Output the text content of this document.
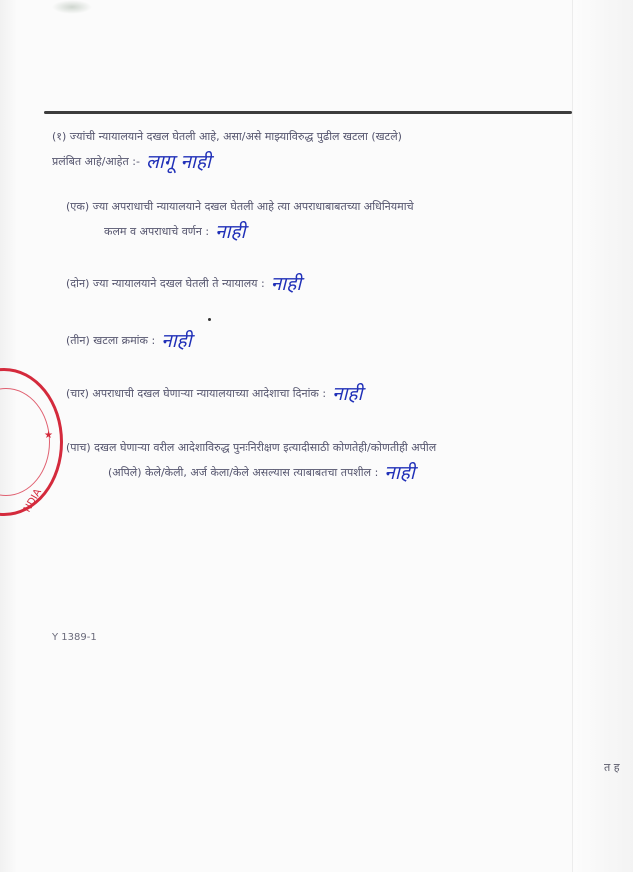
(१) ज्यांची न्यायालयाने दखल घेतली आहे, असा/असे माझ्याविरुद्ध पुढील खटला (खटले)
प्रलंबित आहे/आहेत :- लागू नाही
(एक) ज्या अपराधाची न्यायालयाने दखल घेतली आहे त्या अपराधाबाबतच्या अधिनियमाचे
कलम व अपराधाचे वर्णन : नाही
(दोन) ज्या न्यायालयाने दखल घेतली ते न्यायालय : नाही
(तीन) खटला क्रमांक : नाही
(चार) अपराधाची दखल घेणाऱ्या न्यायालयाच्या आदेशाचा दिनांक : नाही
(पाच) दखल घेणाऱ्या वरील आदेशाविरुद्ध पुनःनिरीक्षण इत्यादीसाठी कोणतेही/कोणतीही अपील
(अपिले) केले/केली, अर्ज केला/केले असल्यास त्याबाबतचा तपशील : नाही
★
NDIA
Y 1389-1
त ह
